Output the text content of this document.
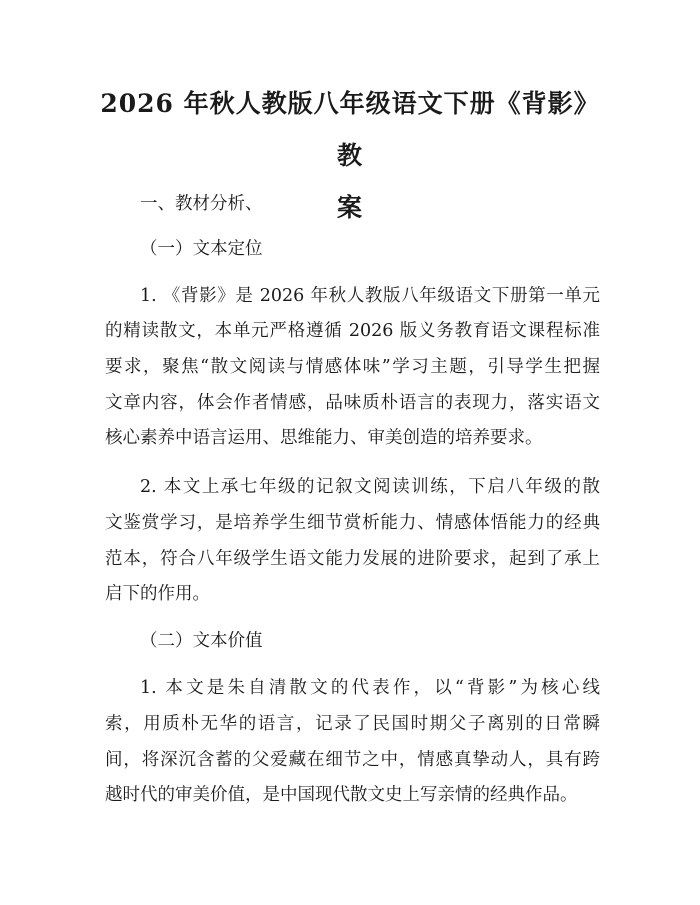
2026 年秋人教版八年级语文下册《背影》教
案

一、教材分析、

（一）文本定位

1. 《背影》是 2026 年秋人教版八年级语文下册第一单元

的精读散文，本单元严格遵循 2026 版义务教育语文课程标准

要求，聚焦“散文阅读与情感体味”学习主题，引导学生把握

文章内容，体会作者情感，品味质朴语言的表现力，落实语文

核心素养中语言运用、思维能力、审美创造的培养要求。

2. 本文上承七年级的记叙文阅读训练，下启八年级的散

文鉴赏学习，是培养学生细节赏析能力、情感体悟能力的经典

范本，符合八年级学生语文能力发展的进阶要求，起到了承上

启下的作用。

（二）文本价值

1. 本文是朱自清散文的代表作，以“背影”为核心线

索，用质朴无华的语言，记录了民国时期父子离别的日常瞬

间，将深沉含蓄的父爱藏在细节之中，情感真挚动人，具有跨

越时代的审美价值，是中国现代散文史上写亲情的经典作品。
